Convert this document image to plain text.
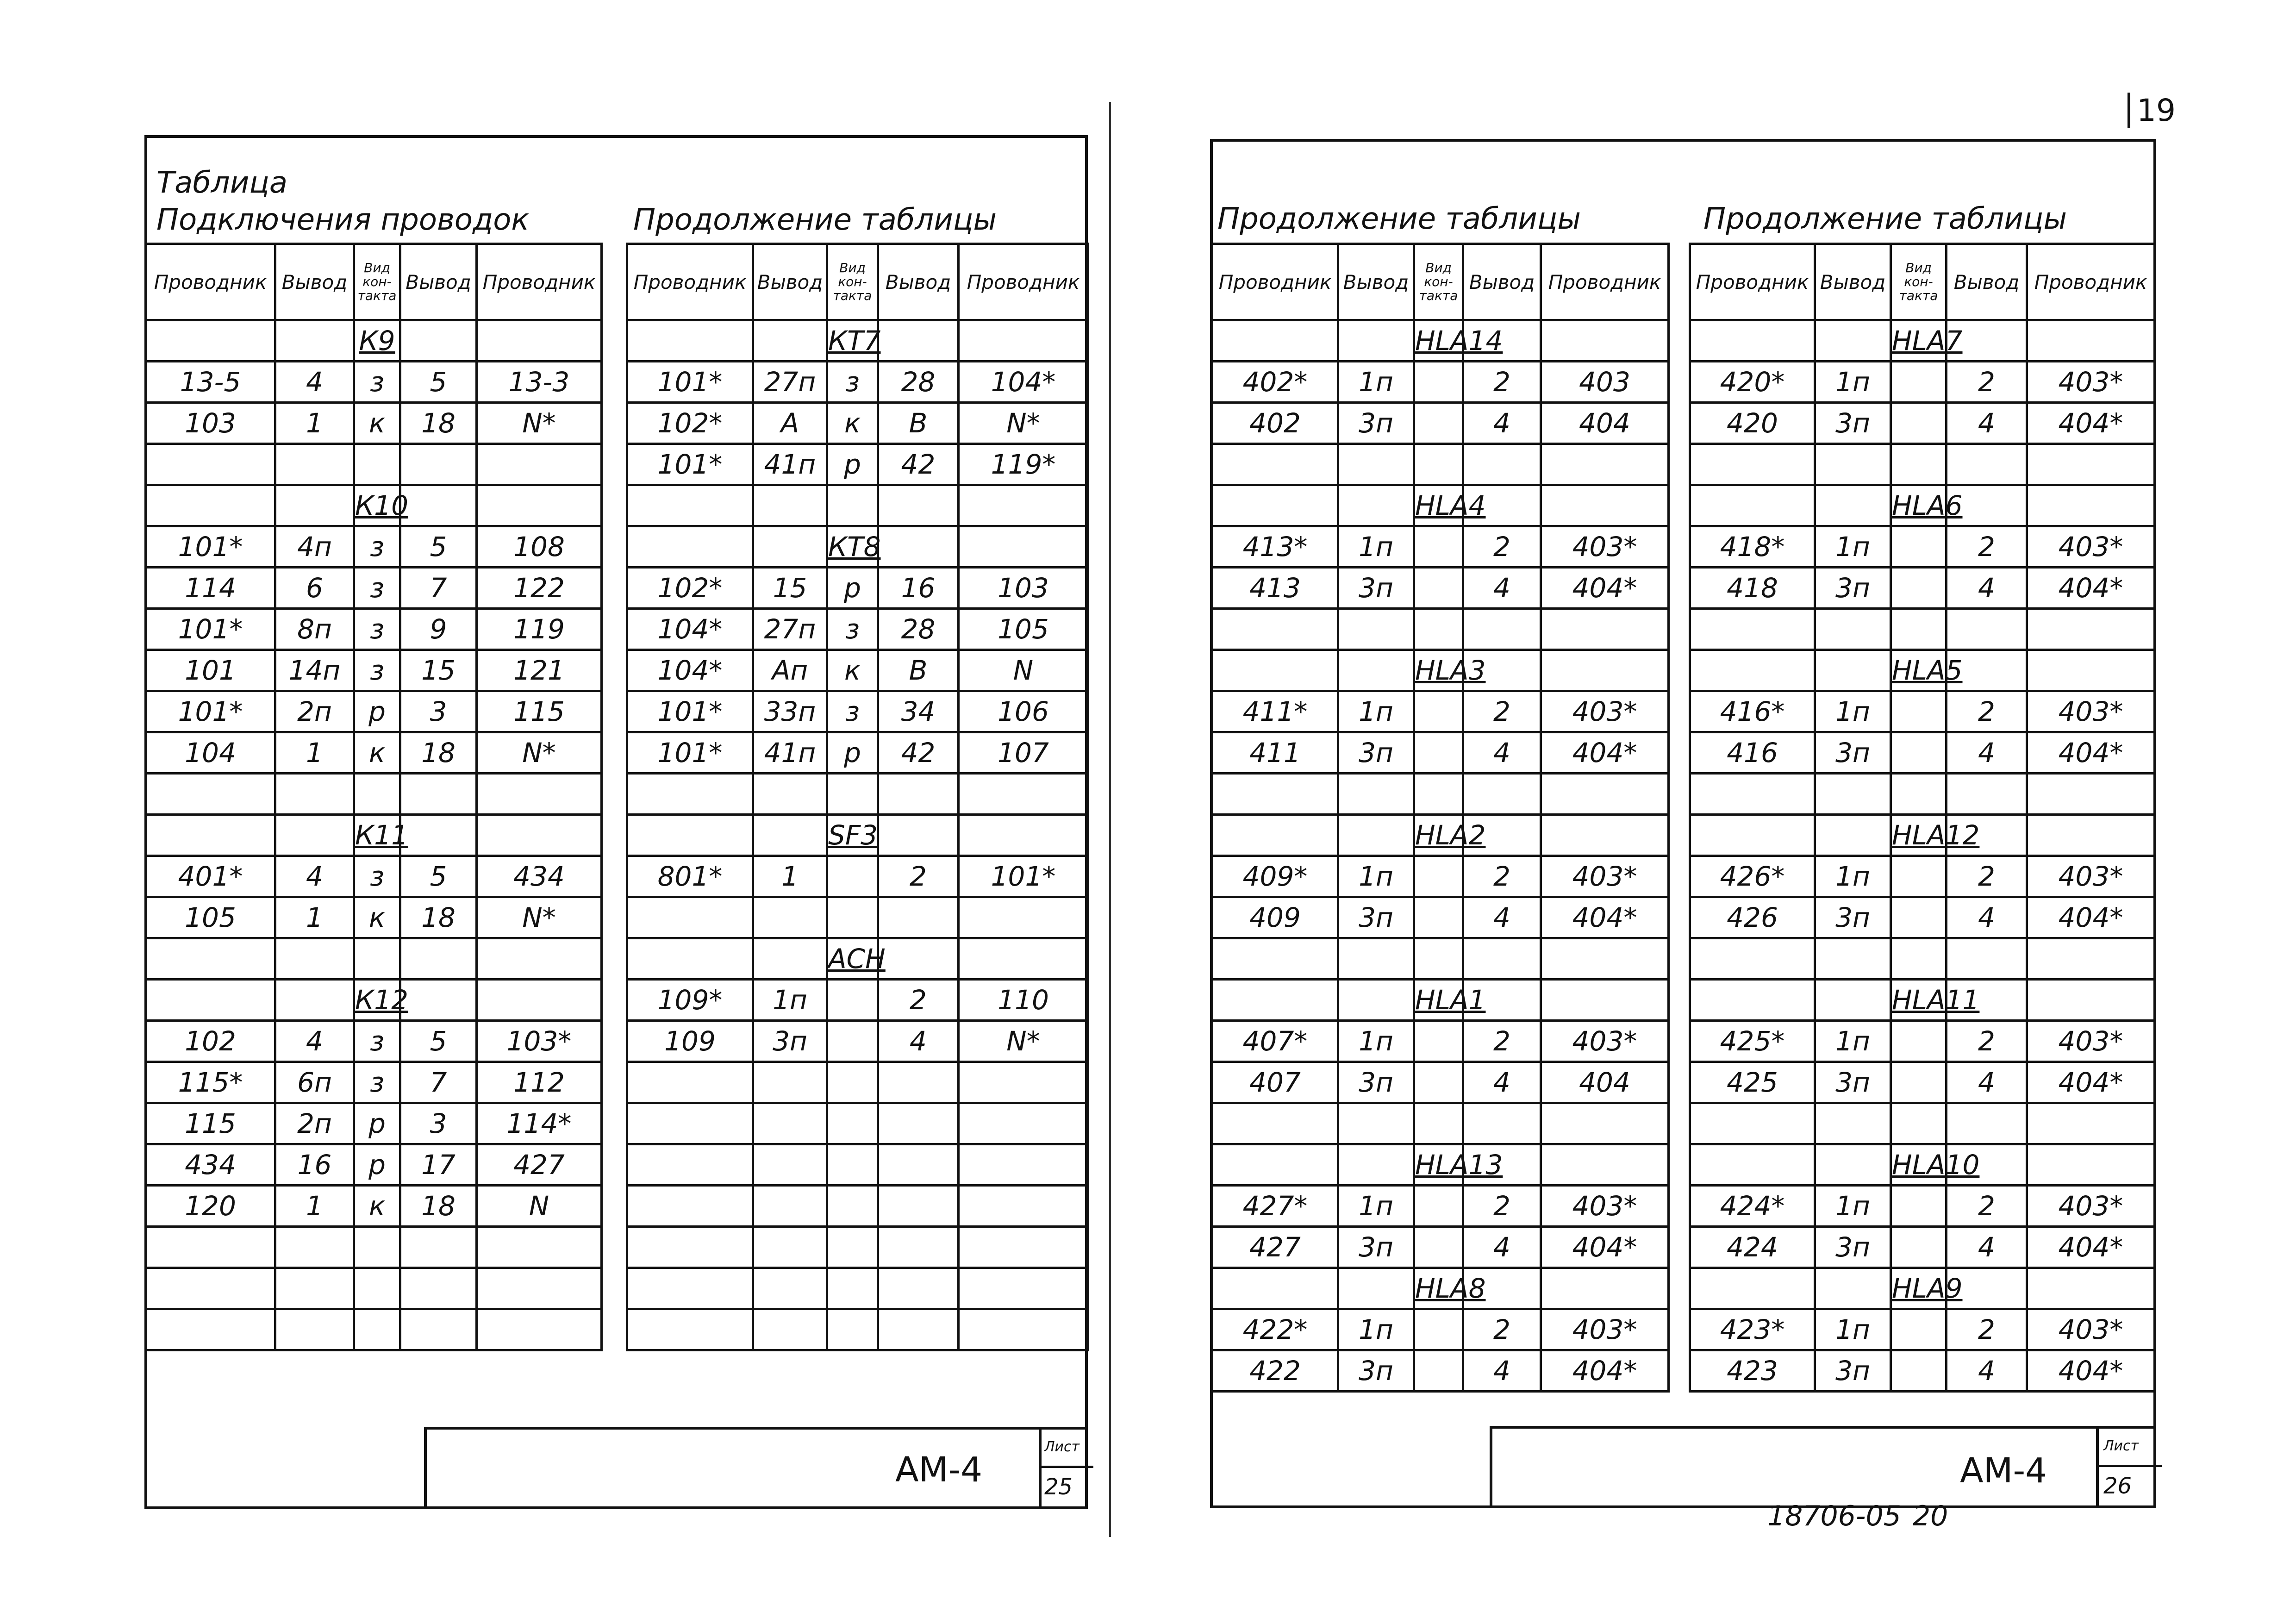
Таблица
Подключения проводок	Продолжение таблицы
Проводник	Вывод	Вид кон- такта	Вывод	Проводник
		К9		
13-5	4	з	5	13-3
103	1	к	18	N*

		К10		
101*	4п	з	5	108
114	6	з	7	122
101*	8п	з	9	119
101	14п	з	15	121
101*	2п	р	3	115
104	1	к	18	N*

		К11		
401*	4	з	5	434
105	1	к	18	N*

		К12		
102	4	з	5	103*
115*	6п	з	7	112
115	2п	р	3	114*
434	16	р	17	427
120	1	к	18	N

Проводник	Вывод	Вид кон- такта	Вывод	Проводник
		КТ7		
101*	27п	з	28	104*
102*	А	к	В	N*
101*	41п	р	42	119*

		КТ8		
102*	15	р	16	103
104*	27п	з	28	105
104*	Ап	к	В	N
101*	33п	з	34	106
101*	41п	р	42	107

		SF3		
801*	1		2	101*

		АСН		
109*	1п		2	110
109	3п		4	N*

АМ-4
Лист
25
Продолжение таблицы	Продолжение таблицы
Проводник	Вывод	Вид кон- такта	Вывод	Проводник
		HLA14		
402*	1п		2	403
402	3п		4	404

		HLA4		
413*	1п		2	403*
413	3п		4	404*

		HLA3		
411*	1п		2	403*
411	3п		4	404*

		HLA2		
409*	1п		2	403*
409	3п		4	404*

		HLA1		
407*	1п		2	403*
407	3п		4	404

		HLA13		
427*	1п		2	403*
427	3п		4	404*
		HLA8		
422*	1п		2	403*
422	3п		4	404*
Проводник	Вывод	Вид кон- такта	Вывод	Проводник
		HLA7		
420*	1п		2	403*
420	3п		4	404*

		HLA6		
418*	1п		2	403*
418	3п		4	404*

		HLA5		
416*	1п		2	403*
416	3п		4	404*

		HLA12		
426*	1п		2	403*
426	3п		4	404*

		HLA11		
425*	1п		2	403*
425	3п		4	404*

		HLA10		
424*	1п		2	403*
424	3п		4	404*
		HLA9		
423*	1п		2	403*
423	3п		4	404*
АМ-4
Лист
26
19
18706-05 20
